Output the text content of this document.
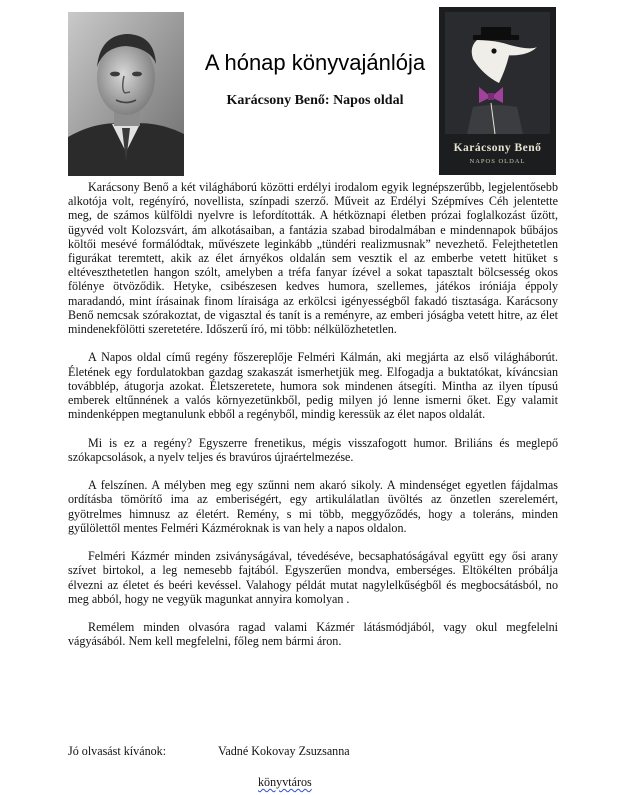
Karácsony Benő
NAPOS OLDAL
A hónap könyvajánlója
Karácsony Benő: Napos oldal

Karácsony Benő a két világháború közötti erdélyi irodalom egyik legnépszerűbb, legjelentősebb alkotója volt, regényíró, novellista, színpadi szerző. Műveit az Erdélyi Szépmíves Céh jelentette meg, de számos külföldi nyelvre is lefordították. A hétköznapi életben prózai foglalkozást űzött, ügyvéd volt Kolozsvárt, ám alkotásaiban, a fantázia szabad birodalmában e mindennapok bűbájos költői mesévé formálódtak, művészete leginkább „tündéri realizmusnak” nevezhető. Felejthetetlen figurákat teremtett, akik az élet árnyékos oldalán sem vesztik el az emberbe vetett hitüket s eltéveszthetetlen hangon szólt, amelyben a tréfa fanyar ízével a sokat tapasztalt bölcsesség okos fölénye ötvöződik. Hetyke, csibészesen kedves humora, szellemes, játékos iróniája éppoly maradandó, mint írásainak finom líraisága az erkölcsi igényességből fakadó tisztasága. Karácsony Benő nemcsak szórakoztat, de vigasztal és tanít is a reményre, az emberi jóságba vetett hitre, az élet mindenekfölötti szeretetére. Időszerű író, mi több: nélkülözhetetlen.

A Napos oldal című regény főszereplője Felméri Kálmán, aki megjárta az első világháborút. Életének egy fordulatokban gazdag szakaszát ismerhetjük meg. Elfogadja a buktatókat, kíváncsian továbblép, átugorja azokat. Életszeretete, humora sok mindenen átsegíti. Mintha az ilyen típusú emberek eltűnnének a valós környezetünkből, pedig milyen jó lenne ismerni őket. Egy valamit mindenképpen megtanulunk ebből a regényből, mindig keressük az élet napos oldalát.

Mi is ez a regény? Egyszerre frenetikus, mégis visszafogott humor. Briliáns és meglepő szókapcsolások, a nyelv teljes és bravúros újraértelmezése.

A felszínen. A mélyben meg egy szűnni nem akaró sikoly. A mindenséget egyetlen fájdalmas ordításba tömörítő ima az emberiségért, egy artikulálatlan üvöltés az önzetlen szerelemért, gyötrelmes himnusz az életért. Remény, s mi több, meggyőződés, hogy a toleráns, minden gyűlölettől mentes Felméri Kázméroknak is van hely a napos oldalon.

Felméri Kázmér minden zsiványságával, tévedéséve, becsaphatóságával együtt egy ősi arany szívet birtokol, a leg nemesebb fajtából. Egyszerűen mondva, emberséges. Eltökélten próbálja élvezni az életet és beéri kevéssel. Valahogy példát mutat nagylelkűségből és megbocsátásból, no meg abból, hogy ne vegyük magunkat annyira komolyan .

Remélem minden olvasóra ragad valami Kázmér látásmódjából, vagy okul megfelelni vágyásából. Nem kell megfelelni, főleg nem bármi áron.

Jó olvasást kívánok:	Vadné Kokovay Zsuzsanna
könyvtáros
